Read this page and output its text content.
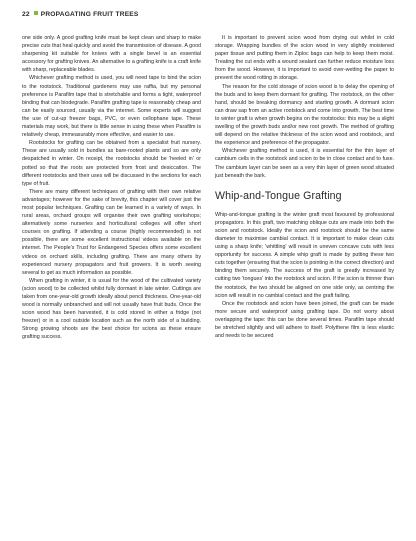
22 PROPAGATING FRUIT TREES

one side only. A good grafting knife must be kept clean and sharp to make precise cuts that heal quickly and avoid the transmission of disease. A good sharpening kit suitable for knives with a single bevel is an essential accessory for grafting knives. An alternative to a grafting knife is a craft knife with sharp, replaceable blades.

Whichever grafting method is used, you will need tape to bind the scion to the rootstock. Traditional gardeners may use raffia, but my personal preference is Parafilm tape that is stretchable and forms a tight, waterproof binding that can biodegrade. Parafilm grafting tape is reasonably cheap and can be easily sourced, usually via the internet. Some experts will suggest the use of cut-up freezer bags, PVC, or even cellophane tape. These materials may work, but there is little sense in using these when Parafilm is relatively cheap, immeasurably more effective, and easier to use.

Rootstocks for grafting can be obtained from a specialist fruit nursery. These are usually sold in bundles as bare-rooted plants and so are only despatched in winter. On receipt, the rootstocks should be 'heeled in' or potted so that the roots are protected from frost and desiccation. The different rootstocks and their uses will be discussed in the sections for each type of fruit.

There are many different techniques of grafting with their own relative advantages; however for the sake of brevity, this chapter will cover just the most popular techniques. Grafting can be learned in a variety of ways. In rural areas, orchard groups will organise their own grafting workshops; alternatively some nurseries and horticultural colleges will offer short courses on grafting. If attending a course (highly recommended) is not possible, there are some excellent instructional videos available on the internet. The People's Trust for Endangered Species offers some excellent videos on orchard skills, including grafting. There are many others by experienced nursery propagators and fruit growers. It is worth seeing several to get as much information as possible.

When grafting in winter, it is usual for the wood of the cultivated variety (scion wood) to be collected whilst fully dormant in late winter. Cuttings are taken from one-year-old growth ideally about pencil thickness. One-year-old wood is normally unbranched and will not usually have fruit buds. Once the scion wood has been harvested, it is cold stored in either a fridge (not freezer) or in a cool outside location such as the north side of a building. Strong growing shoots are the best choice for scions as these ensure grafting success.

It is important to prevent scion wood from drying out whilst in cold storage. Wrapping bundles of the scion wood in very slightly moistened paper tissue and putting them in Ziploc bags can help to keep them moist. Treating the cut ends with a wound sealant can further reduce moisture loss from the wood. However, it is important to avoid over-wetting the paper to prevent the wood rotting in storage.

The reason for the cold storage of scion wood is to delay the opening of the buds and to keep them dormant for grafting. The rootstock, on the other hand, should be breaking dormancy and starting growth. A dormant scion can draw sap from an active rootstock and come into growth. The best time to winter graft is when growth begins on the rootstocks: this may be a slight swelling of the growth buds and/or new root growth. The method of grafting will depend on the relative thickness of the scion wood and rootstock, and the experience and preference of the propagator.

Whichever grafting method is used, it is essential for the thin layer of cambium cells in the rootstock and scion to be in close contact and to fuse. The cambium layer can be seen as a very thin layer of green wood situated just beneath the bark.

Whip-and-Tongue Grafting

Whip-and-tongue grafting is the winter graft most favoured by professional propagators. In this graft, two matching oblique cuts are made into both the scion and rootstock. Ideally the scion and rootstock should be the same diameter to maximise cambial contact. It is important to make clean cuts using a sharp knife; 'whittling' will result in uneven concave cuts with less opportunity for success. A simple whip graft is made by putting these two cuts together (ensuring that the scion is pointing in the correct direction) and binding them securely. The success of the graft is greatly increased by cutting two 'tongues' into the rootstock and scion. If the scion is thinner than the rootstock, the two should be aligned on one side only, as centring the scion will result in no cambial contact and the graft failing.

Once the rootstock and scion have been joined, the graft can be made more secure and waterproof using grafting tape. Do not worry about overlapping the tape: this can be done several times. Parafilm tape should be stretched slightly and will adhere to itself. Polythene film is less elastic and needs to be secured
